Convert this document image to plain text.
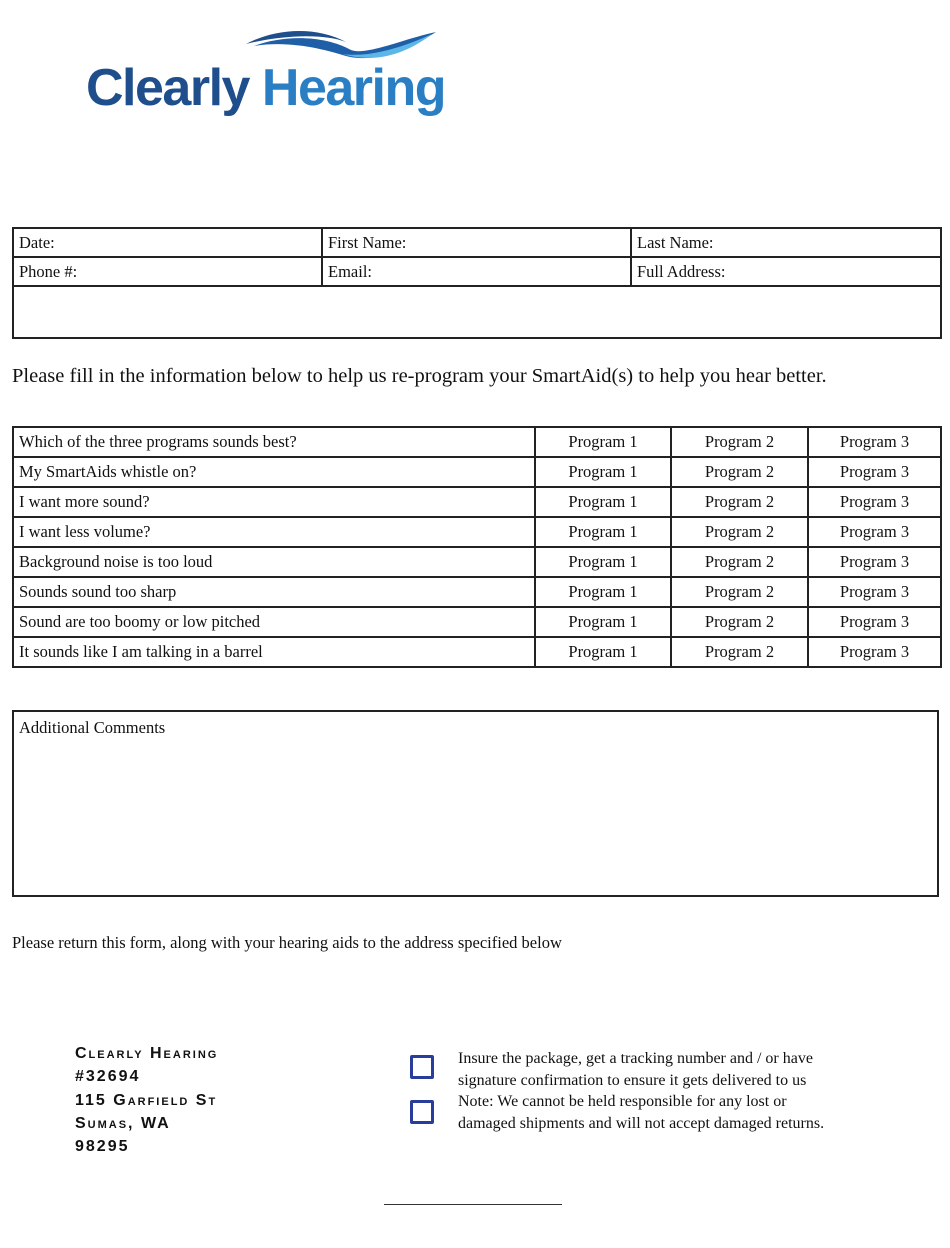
Clearly Hearing
Date:	First Name:	Last Name:
Phone #:	Email:	Full Address:

Please fill in the information below to help us re-program your SmartAid(s) to help you hear better.
Which of the three programs sounds best?	Program 1	Program 2	Program 3
My SmartAids whistle on?	Program 1	Program 2	Program 3
I want more sound?	Program 1	Program 2	Program 3
I want less volume?	Program 1	Program 2	Program 3
Background noise is too loud	Program 1	Program 2	Program 3
Sounds sound too sharp	Program 1	Program 2	Program 3
Sound are too boomy or low pitched	Program 1	Program 2	Program 3
It sounds like I am talking in a barrel	Program 1	Program 2	Program 3
Additional Comments
Please return this form, along with your hearing aids to the address specified below
Clearly Hearing
#32694
115 Garfield St
Sumas, WA
98295
Insure the package, get a tracking number and / or have
signature confirmation to ensure it gets delivered to us
Note: We cannot be held responsible for any lost or
damaged shipments and will not accept damaged returns.
